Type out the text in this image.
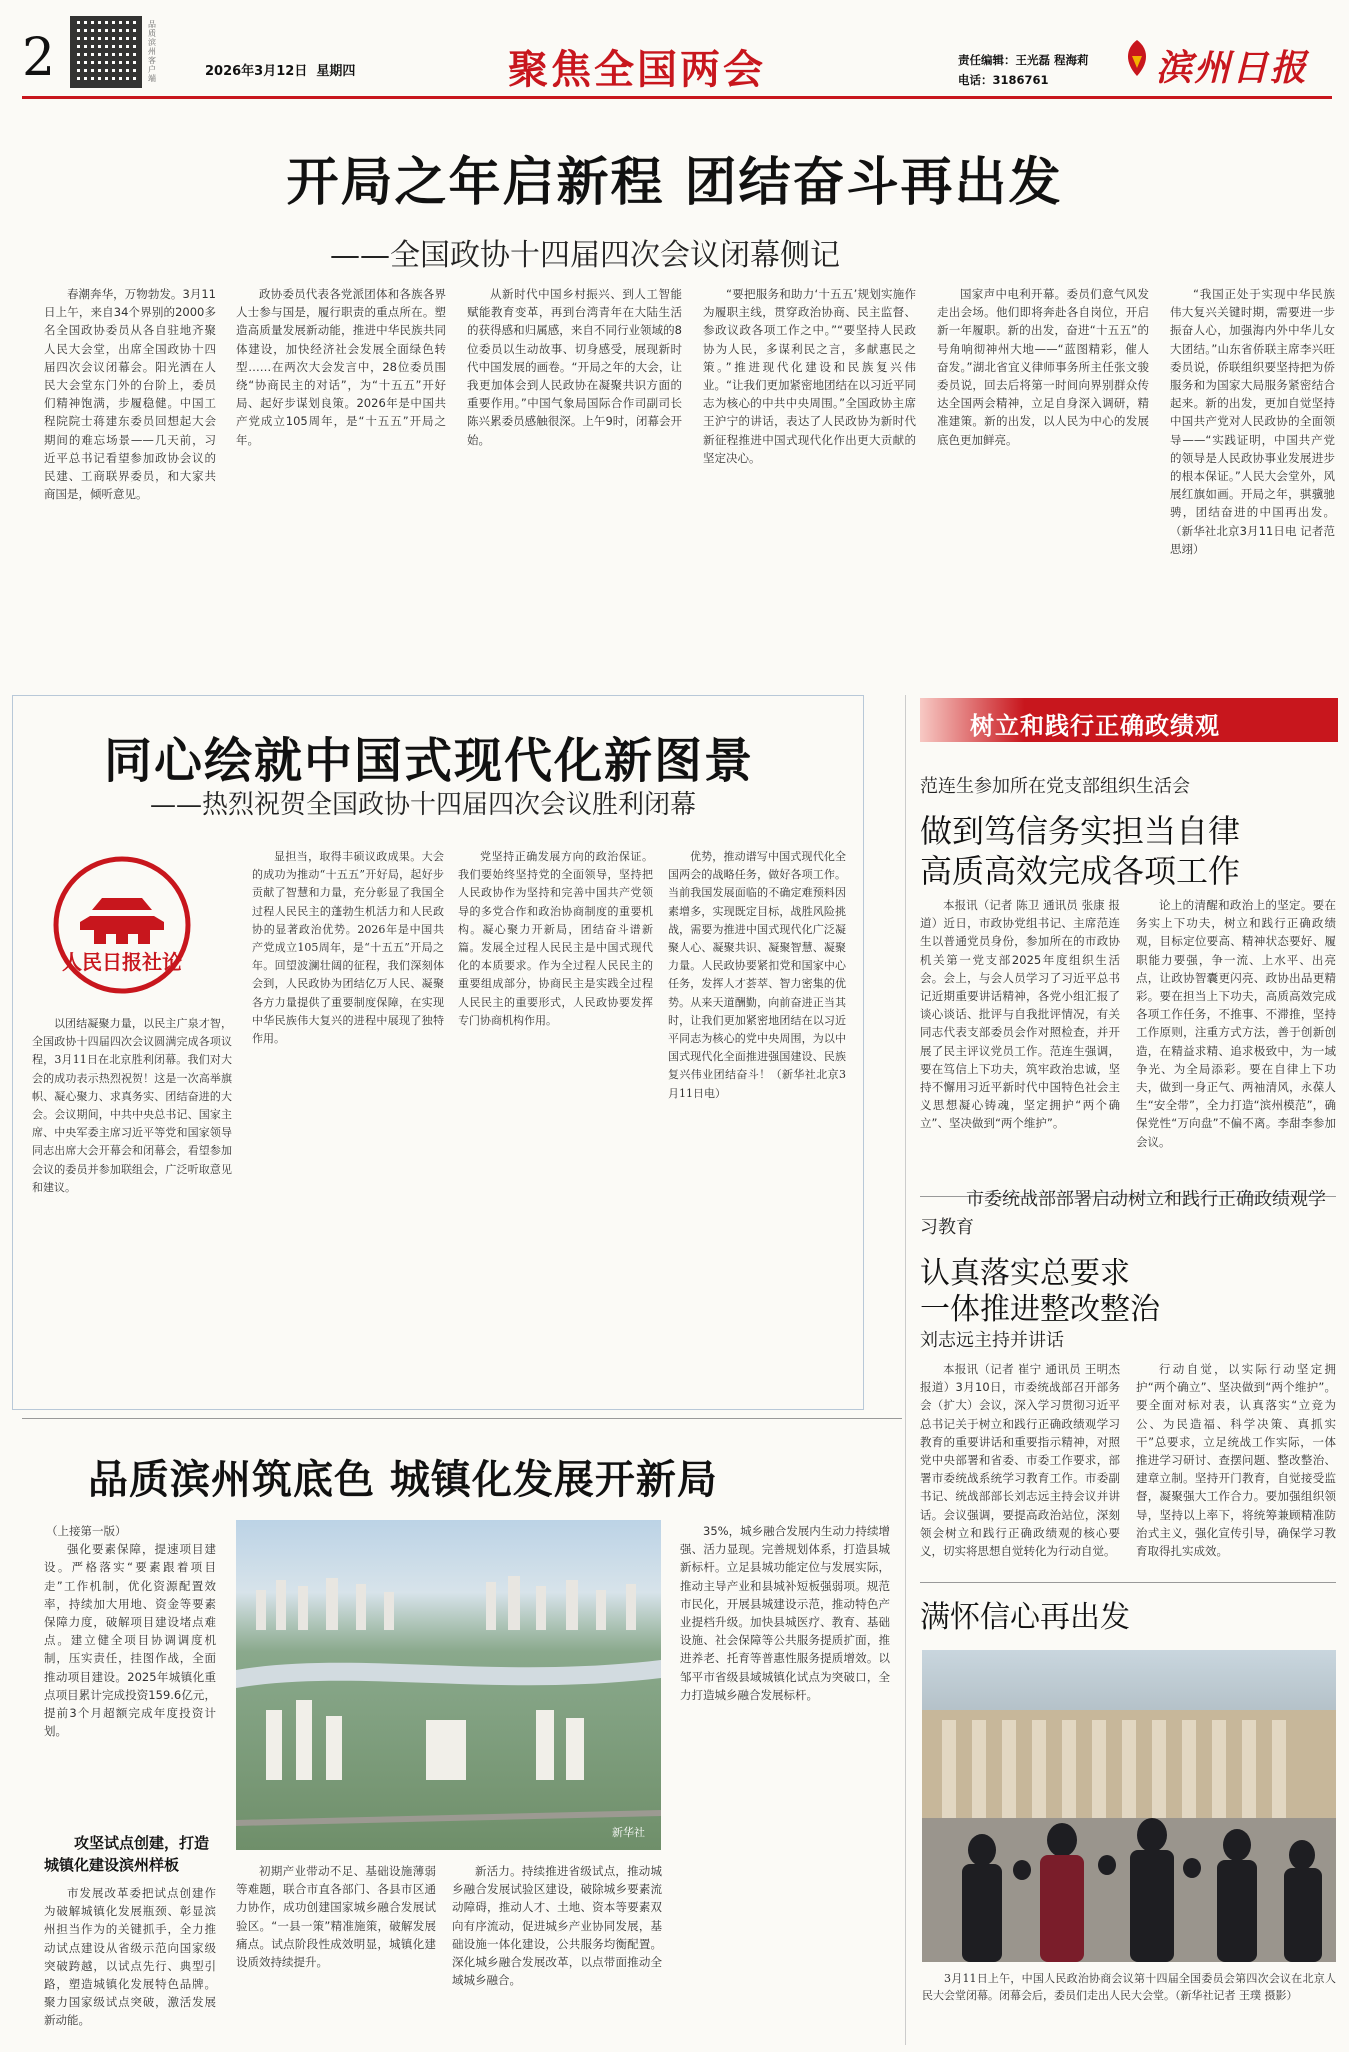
2
品质滨州客户端	2026年3月12日 星期四	聚焦全国两会	责任编辑：王光磊 程海莉
电话：3186761	滨州日报
开局之年启新程 团结奋斗再出发
——全国政协十四届四次会议闭幕侧记

春潮奔华，万物勃发。3月11日上午，来自34个界别的2000多名全国政协委员从各自驻地齐聚人民大会堂，出席全国政协十四届四次会议闭幕会。阳光洒在人民大会堂东门外的台阶上，委员们精神饱满，步履稳健。中国工程院院士蒋建东委员回想起大会期间的难忘场景——几天前，习近平总书记看望参加政协会议的民建、工商联界委员，和大家共商国是，倾听意见。

政协委员代表各党派团体和各族各界人士参与国是，履行职责的重点所在。塑造高质量发展新动能，推进中华民族共同体建设，加快经济社会发展全面绿色转型……在两次大会发言中，28位委员围绕“协商民主的对话”，为“十五五”开好局、起好步谋划良策。2026年是中国共产党成立105周年，是“十五五”开局之年。

从新时代中国乡村振兴、到人工智能赋能教育变革，再到台湾青年在大陆生活的获得感和归属感，来自不同行业领域的8位委员以生动故事、切身感受，展现新时代中国发展的画卷。“开局之年的大会，让我更加体会到人民政协在凝聚共识方面的重要作用。”中国气象局国际合作司副司长陈兴累委员感触很深。上午9时，闭幕会开始。

“要把服务和助力‘十五五’规划实施作为履职主线，贯穿政治协商、民主监督、参政议政各项工作之中。”“要坚持人民政协为人民，多谋利民之言，多献惠民之策。”推进现代化建设和民族复兴伟业。“让我们更加紧密地团结在以习近平同志为核心的中共中央周围。”全国政协主席王沪宁的讲话，表达了人民政协为新时代新征程推进中国式现代化作出更大贡献的坚定决心。

国家声中电利开幕。委员们意气风发走出会场。他们即将奔赴各自岗位，开启新一年履职。新的出发，奋进“十五五”的号角响彻神州大地——“蓝图精彩，催人奋发。”湖北省宜义律师事务所主任张文骏委员说，回去后将第一时间向界别群众传达全国两会精神，立足自身深入调研，精准建策。新的出发，以人民为中心的发展底色更加鲜亮。

“我国正处于实现中华民族伟大复兴关键时期，需要进一步振奋人心，加强海内外中华儿女大团结。”山东省侨联主席李兴旺委员说，侨联组织要坚持把为侨服务和为国家大局服务紧密结合起来。新的出发，更加自觉坚持中国共产党对人民政协的全面领导——“实践证明，中国共产党的领导是人民政协事业发展进步的根本保证。”人民大会堂外，风展红旗如画。开局之年，骐骥驰骋，团结奋进的中国再出发。（新华社北京3月11日电 记者范思翊）

同心绘就中国式现代化新图景
——热烈祝贺全国政协十四届四次会议胜利闭幕
人民日报社论

以团结凝聚力量，以民主广泉才智，全国政协十四届四次会议圆满完成各项议程，3月11日在北京胜利闭幕。我们对大会的成功表示热烈祝贺！这是一次高举旗帜、凝心聚力、求真务实、团结奋进的大会。会议期间，中共中央总书记、国家主席、中央军委主席习近平等党和国家领导同志出席大会开幕会和闭幕会，看望参加会议的委员并参加联组会，广泛听取意见和建议。

显担当，取得丰硕议政成果。大会的成功为推动“十五五”开好局，起好步贡献了智慧和力量，充分彰显了我国全过程人民民主的蓬勃生机活力和人民政协的显著政治优势。2026年是中国共产党成立105周年，是“十五五”开局之年。回望波澜壮阔的征程，我们深刻体会到，人民政协为团结亿万人民、凝聚各方力量提供了重要制度保障，在实现中华民族伟大复兴的进程中展现了独特作用。

党坚持正确发展方向的政治保证。我们要始终坚持党的全面领导，坚持把人民政协作为坚持和完善中国共产党领导的多党合作和政治协商制度的重要机构。凝心聚力开新局，团结奋斗谱新篇。发展全过程人民民主是中国式现代化的本质要求。作为全过程人民民主的重要组成部分，协商民主是实践全过程人民民主的重要形式，人民政协要发挥专门协商机构作用。

优势，推动谱写中国式现代化全国两会的战略任务，做好各项工作。当前我国发展面临的不确定难预料因素增多，实现既定目标，战胜风险挑战，需要为推进中国式现代化广泛凝聚人心、凝聚共识、凝聚智慧、凝聚力量。人民政协要紧扣党和国家中心任务，发挥人才荟萃、智力密集的优势。从来天道酬勤，向前奋进正当其时，让我们更加紧密地团结在以习近平同志为核心的党中央周围，为以中国式现代化全面推进强国建设、民族复兴伟业团结奋斗！（新华社北京3月11日电）

树立和践行正确政绩观
范连生参加所在党支部组织生活会
做到笃信务实担当自律
高质高效完成各项工作

本报讯（记者 陈卫 通讯员 张康 报道）近日，市政协党组书记、主席范连生以普通党员身份，参加所在的市政协机关第一党支部2025年度组织生活会。会上，与会人员学习了习近平总书记近期重要讲话精神，各党小组汇报了谈心谈话、批评与自我批评情况，有关同志代表支部委员会作对照检查，并开展了民主评议党员工作。范连生强调，要在笃信上下功夫，筑牢政治忠诚，坚持不懈用习近平新时代中国特色社会主义思想凝心铸魂，坚定拥护“两个确立”、坚决做到“两个维护”。

论上的清醒和政治上的坚定。要在务实上下功夫，树立和践行正确政绩观，目标定位要高、精神状态要好、履职能力要强，争一流、上水平、出亮点，让政协智囊更闪亮、政协出品更精彩。要在担当上下功夫，高质高效完成各项工作任务，不推事、不滞推，坚持工作原则，注重方式方法，善于创新创造，在精益求精、追求极致中，为一域争光、为全局添彩。要在自律上下功夫，做到一身正气、两袖清风，永葆人生“安全带”，全力打造“滨州模范”，确保党性“万向盘”不偏不离。李甜李参加会议。

市委统战部部署启动树立和践行正确政绩观学习教育
认真落实总要求
一体推进整改整治
刘志远主持并讲话

本报讯（记者 崔宁 通讯员 王明杰 报道）3月10日，市委统战部召开部务会（扩大）会议，深入学习贯彻习近平总书记关于树立和践行正确政绩观学习教育的重要讲话和重要指示精神，对照党中央部署和省委、市委工作要求，部署市委统战系统学习教育工作。市委副书记、统战部部长刘志远主持会议并讲话。会议强调，要提高政治站位，深刻领会树立和践行正确政绩观的核心要义，切实将思想自觉转化为行动自觉。

行动自觉，以实际行动坚定拥护“两个确立”、坚决做到“两个维护”。要全面对标对表，认真落实“立竞为公、为民造福、科学决策、真抓实干”总要求，立足统战工作实际，一体推进学习研讨、查摆问题、整改整治、建章立制。坚持开门教育，自觉接受监督，凝聚强大工作合力。要加强组织领导，坚持以上率下，将统筹兼顾精准防治式主义，强化宣传引导，确保学习教育取得扎实成效。

满怀信心再出发

3月11日上午，中国人民政治协商会议第十四届全国委员会第四次会议在北京人民大会堂闭幕。闭幕会后，委员们走出人民大会堂。（新华社记者 王璞 摄影）

品质滨州筑底色 城镇化发展开新局
（上接第一版）

强化要素保障，提速项目建设。严格落实“要素跟着项目走”工作机制，优化资源配置效率，持续加大用地、资金等要素保障力度，破解项目建设堵点难点。建立健全项目协调调度机制，压实责任，挂图作战，全面推动项目建设。2025年城镇化重点项目累计完成投资159.6亿元，提前3个月超额完成年度投资计划。

攻坚试点创建，打造城镇化建设滨州样板

市发展改革委把试点创建作为破解城镇化发展瓶颈、彰显滨州担当作为的关键抓手，全力推动试点建设从省级示范向国家级突破跨越，以试点先行、典型引路，塑造城镇化发展特色品牌。聚力国家级试点突破，激活发展新动能。

新华社

初期产业带动不足、基础设施薄弱等难题，联合市直各部门、各县市区通力协作，成功创建国家城乡融合发展试验区。“一县一策”精准施策，破解发展痛点。试点阶段性成效明显，城镇化建设质效持续提升。

新活力。持续推进省级试点，推动城乡融合发展试验区建设，破除城乡要素流动障碍，推动人才、土地、资本等要素双向有序流动，促进城乡产业协同发展，基础设施一体化建设，公共服务均衡配置。深化城乡融合发展改革，以点带面推动全域城乡融合。

35%，城乡融合发展内生动力持续增强、活力显现。完善规划体系，打造县城新标杆。立足县城功能定位与发展实际，推动主导产业和县城补短板强弱项。规范市民化，开展县城建设示范，推动特色产业提档升级。加快县城医疗、教育、基础设施、社会保障等公共服务提质扩面，推进养老、托育等普惠性服务提质增效。以邹平市省级县域城镇化试点为突破口，全力打造城乡融合发展标杆。
